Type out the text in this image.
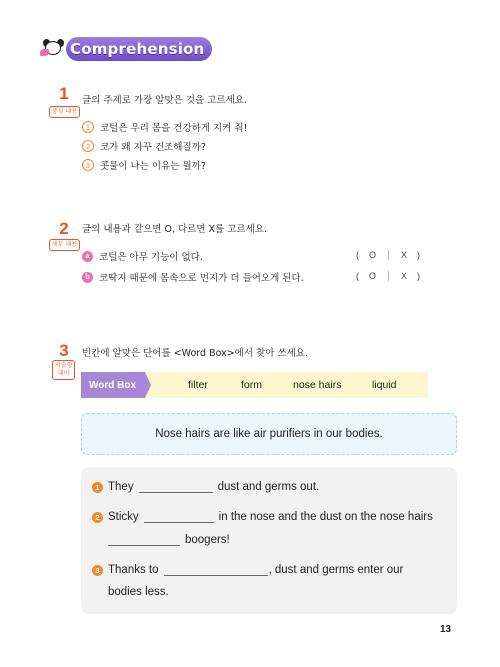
Comprehension
1
중심 내용
글의 주제로 가장 알맞은 것을 고르세요.
1	코털은 우리 몸을 건강하게 지켜 줘!
2	코가 왜 자꾸 건조해질까?
3	콧물이 나는 이유는 뭘까?
2
세부 내용
글의 내용과 같으면 O, 다르면 X를 고르세요.
a	코털은 아무 기능이 없다.	( O	X )
b 코딱지 때문에 몸속으로 먼지가 더 들어오게 된다.	( O	X )
3
서술형
대비
빈칸에 알맞은 단어를 <Word Box>에서 찾아 쓰세요.
Word Box	filter	form	nose hairs	liquid
Nose hairs are like air purifiers in our bodies.
1 They	dust and germs out.
2 Sticky	in the nose and the dust on the nose hairs
boogers!
3 Thanks to	, dust and germs enter our
bodies less.
13
